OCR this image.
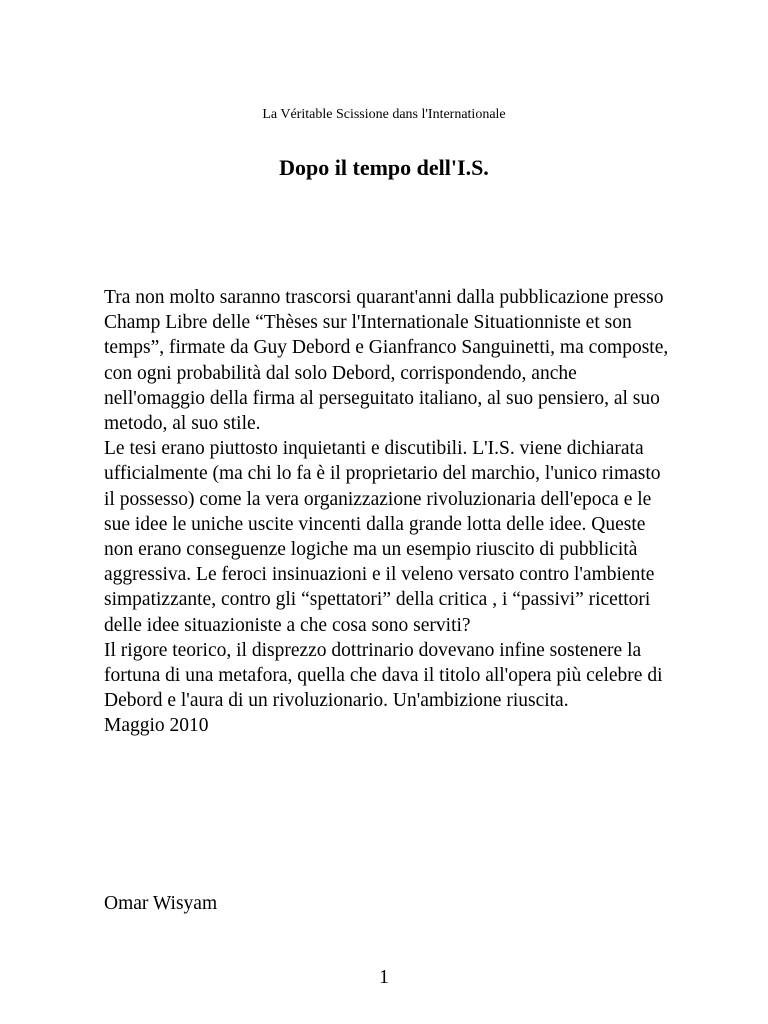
La Véritable Scissione dans l'Internationale
Dopo il tempo dell'I.S.

Tra non molto saranno trascorsi quarant'anni dalla pubblicazione presso Champ Libre delle “Thèses sur l'Internationale Situationniste et son temps”, firmate da Guy Debord e Gianfranco Sanguinetti, ma composte, con ogni probabilità dal solo Debord, corrispondendo, anche nell'omaggio della firma al perseguitato italiano, al suo pensiero, al suo metodo, al suo stile.

Le tesi erano piuttosto inquietanti e discutibili. L'I.S. viene dichiarata ufficialmente (ma chi lo fa è il proprietario del marchio, l'unico rimasto il possesso) come la vera organizzazione rivoluzionaria dell'epoca e le sue idee le uniche uscite vincenti dalla grande lotta delle idee. Queste non erano conseguenze logiche ma un esempio riuscito di pubblicità aggressiva. Le feroci insinuazioni e il veleno versato contro l'ambiente simpatizzante, contro gli “spettatori” della critica , i “passivi” ricettori delle idee situazioniste a che cosa sono serviti?

Il rigore teorico, il disprezzo dottrinario dovevano infine sostenere la fortuna di una metafora, quella che dava il titolo all'opera più celebre di Debord e l'aura di un rivoluzionario. Un'ambizione riuscita.

Maggio 2010

Omar Wisyam
1
